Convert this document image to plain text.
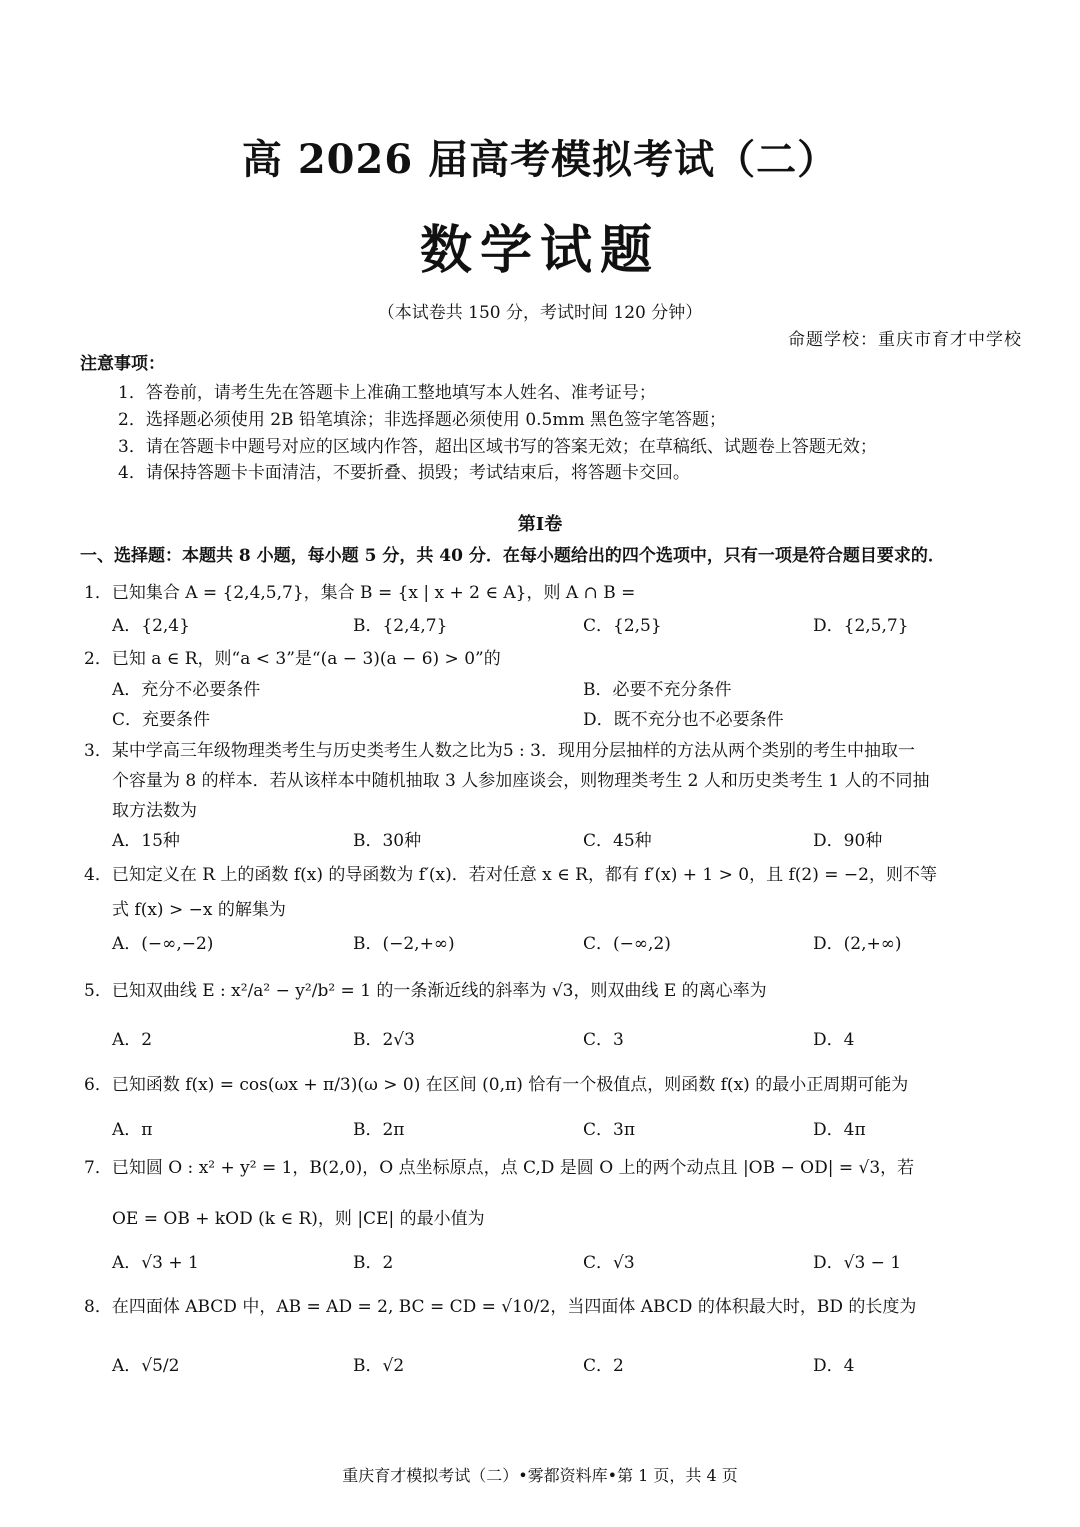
高 2026 届高考模拟考试（二）
数学试题
（本试卷共 150 分，考试时间 120 分钟）
命题学校：重庆市育才中学校
注意事项：
1．答卷前，请考生先在答题卡上准确工整地填写本人姓名、准考证号；
2．选择题必须使用 2B 铅笔填涂；非选择题必须使用 0.5mm 黑色签字笔答题；
3．请在答题卡中题号对应的区域内作答，超出区域书写的答案无效；在草稿纸、试题卷上答题无效；
4．请保持答题卡卡面清洁，不要折叠、损毁；考试结束后，将答题卡交回。
第Ⅰ卷
一、选择题：本题共 8 小题，每小题 5 分，共 40 分．在每小题给出的四个选项中，只有一项是符合题目要求的．
1．已知集合 A = {2,4,5,7}，集合 B = {x | x + 2 ∈ A}，则 A ∩ B =
A．{2,4}	B．{2,4,7}	C．{2,5}	D．{2,5,7}
2．已知 a ∈ R，则“a < 3”是“(a − 3)(a − 6) > 0”的
A．充分不必要条件	B．必要不充分条件
C．充要条件	D．既不充分也不必要条件
3．某中学高三年级物理类考生与历史类考生人数之比为5 : 3．现用分层抽样的方法从两个类别的考生中抽取一
个容量为 8 的样本．若从该样本中随机抽取 3 人参加座谈会，则物理类考生 2 人和历史类考生 1 人的不同抽
取方法数为
A．15种	B．30种	C．45种	D．90种
4．已知定义在 R 上的函数 f(x) 的导函数为 f′(x)．若对任意 x ∈ R，都有 f′(x) + 1 > 0，且 f(2) = −2，则不等
式 f(x) > −x 的解集为
A．(−∞,−2)	B．(−2,+∞)	C．(−∞,2)	D．(2,+∞)
5．已知双曲线 E : x²/a² − y²/b² = 1 的一条渐近线的斜率为 √3，则双曲线 E 的离心率为
A．2	B．2√3	C．3	D．4
6．已知函数 f(x) = cos(ωx + π/3)(ω > 0) 在区间 (0,π) 恰有一个极值点，则函数 f(x) 的最小正周期可能为
A．π	B．2π	C．3π	D．4π
7．已知圆 O : x² + y² = 1，B(2,0)，O 点坐标原点，点 C,D 是圆 O 上的两个动点且 |OB − OD| = √3，若
OE = OB + kOD (k ∈ R)，则 |CE| 的最小值为
A．√3 + 1	B．2	C．√3	D．√3 − 1
8．在四面体 ABCD 中，AB = AD = 2, BC = CD = √10/2，当四面体 ABCD 的体积最大时，BD 的长度为
A．√5/2	B．√2	C．2	D．4
重庆育才模拟考试（二）•雾都资料库•第 1 页，共 4 页
